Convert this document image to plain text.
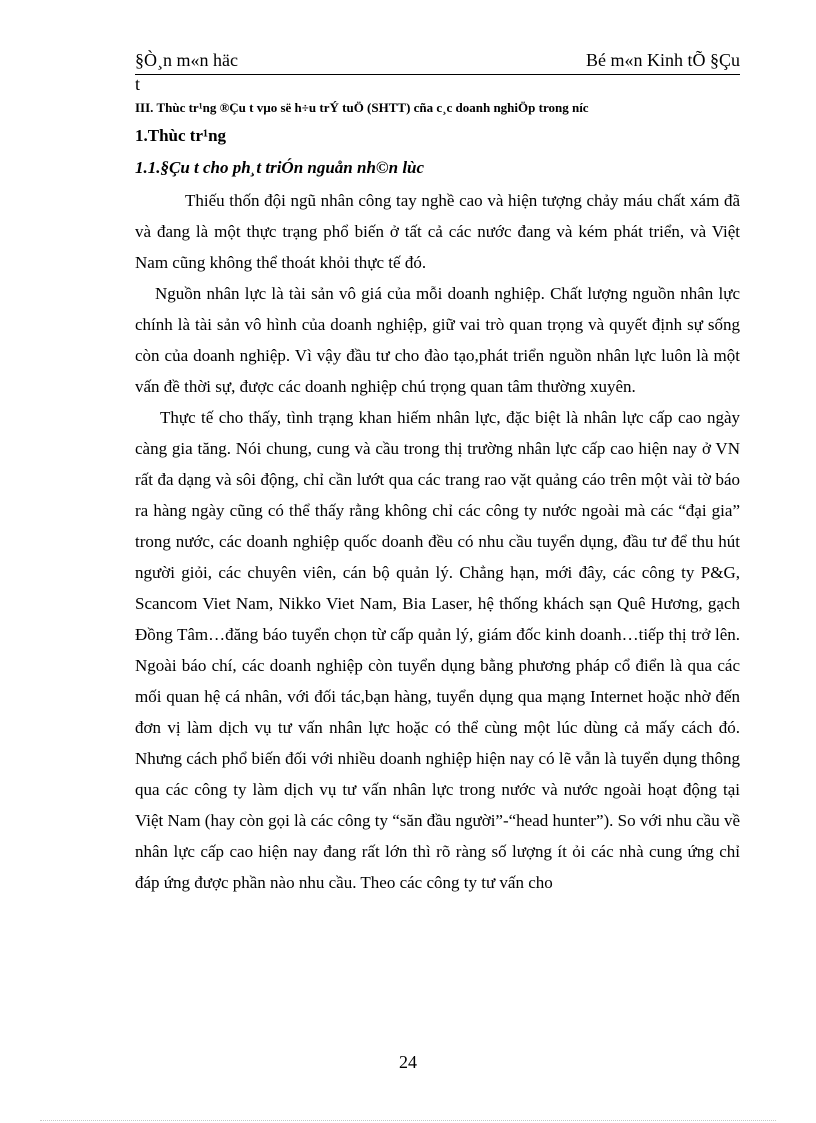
§Ò¸n m«n häc	Bé m«n Kinh tÕ §Çu
t
III. Thùc tr¹ng ®Çu t vµo së h÷u trÝ tuÖ (SHTT) cña c¸c doanh nghiÖp trong níc
1.Thùc tr¹ng
1.1.§Çu t cho ph¸t triÓn nguån nh©n lùc

Thiếu thốn đội ngũ nhân công tay nghề cao và hiện tượng chảy máu chất xám đã và đang là một thực trạng phổ biến ở tất cả các nước đang và kém phát triển, và Việt Nam cũng không thể thoát khỏi thực tế đó.

Nguồn nhân lực là tài sản vô giá của mỗi doanh nghiệp. Chất lượng nguồn nhân lực chính là tài sản vô hình của doanh nghiệp, giữ vai trò quan trọng và quyết định sự sống còn của doanh nghiệp. Vì vậy đầu tư cho đào tạo,phát triển nguồn nhân lực luôn là một vấn đề thời sự, được các doanh nghiệp chú trọng quan tâm thường xuyên.

Thực tế cho thấy, tình trạng khan hiếm nhân lực, đặc biệt là nhân lực cấp cao ngày càng gia tăng. Nói chung, cung và cầu trong thị trường nhân lực cấp cao hiện nay ở VN rất đa dạng và sôi động, chỉ cần lướt qua các trang rao vặt quảng cáo trên một vài tờ báo ra hàng ngày cũng có thể thấy rằng không chỉ các công ty nước ngoài mà các “đại gia” trong nước, các doanh nghiệp quốc doanh đều có nhu cầu tuyển dụng, đầu tư để thu hút người giỏi, các chuyên viên, cán bộ quản lý. Chẳng hạn, mới đây, các công ty P&G, Scancom Viet Nam, Nikko Viet Nam, Bia Laser, hệ thống khách sạn Quê Hương, gạch Đồng Tâm…đăng báo tuyển chọn từ cấp quản lý, giám đốc kinh doanh…tiếp thị trở lên. Ngoài báo chí, các doanh nghiệp còn tuyển dụng bằng phương pháp cổ điển là qua các mối quan hệ cá nhân, với đối tác,bạn hàng, tuyển dụng qua mạng Internet hoặc nhờ đến đơn vị làm dịch vụ tư vấn nhân lực hoặc có thể cùng một lúc dùng cả mấy cách đó. Nhưng cách phổ biến đối với nhiều doanh nghiệp hiện nay có lẽ vẫn là tuyển dụng thông qua các công ty làm dịch vụ tư vấn nhân lực trong nước và nước ngoài hoạt động tại Việt Nam (hay còn gọi là các công ty “săn đầu người”-“head hunter”). So với nhu cầu về nhân lực cấp cao hiện nay đang rất lớn thì rõ ràng số lượng ít ỏi các nhà cung ứng chỉ đáp ứng được phần nào nhu cầu. Theo các công ty tư vấn cho

24
